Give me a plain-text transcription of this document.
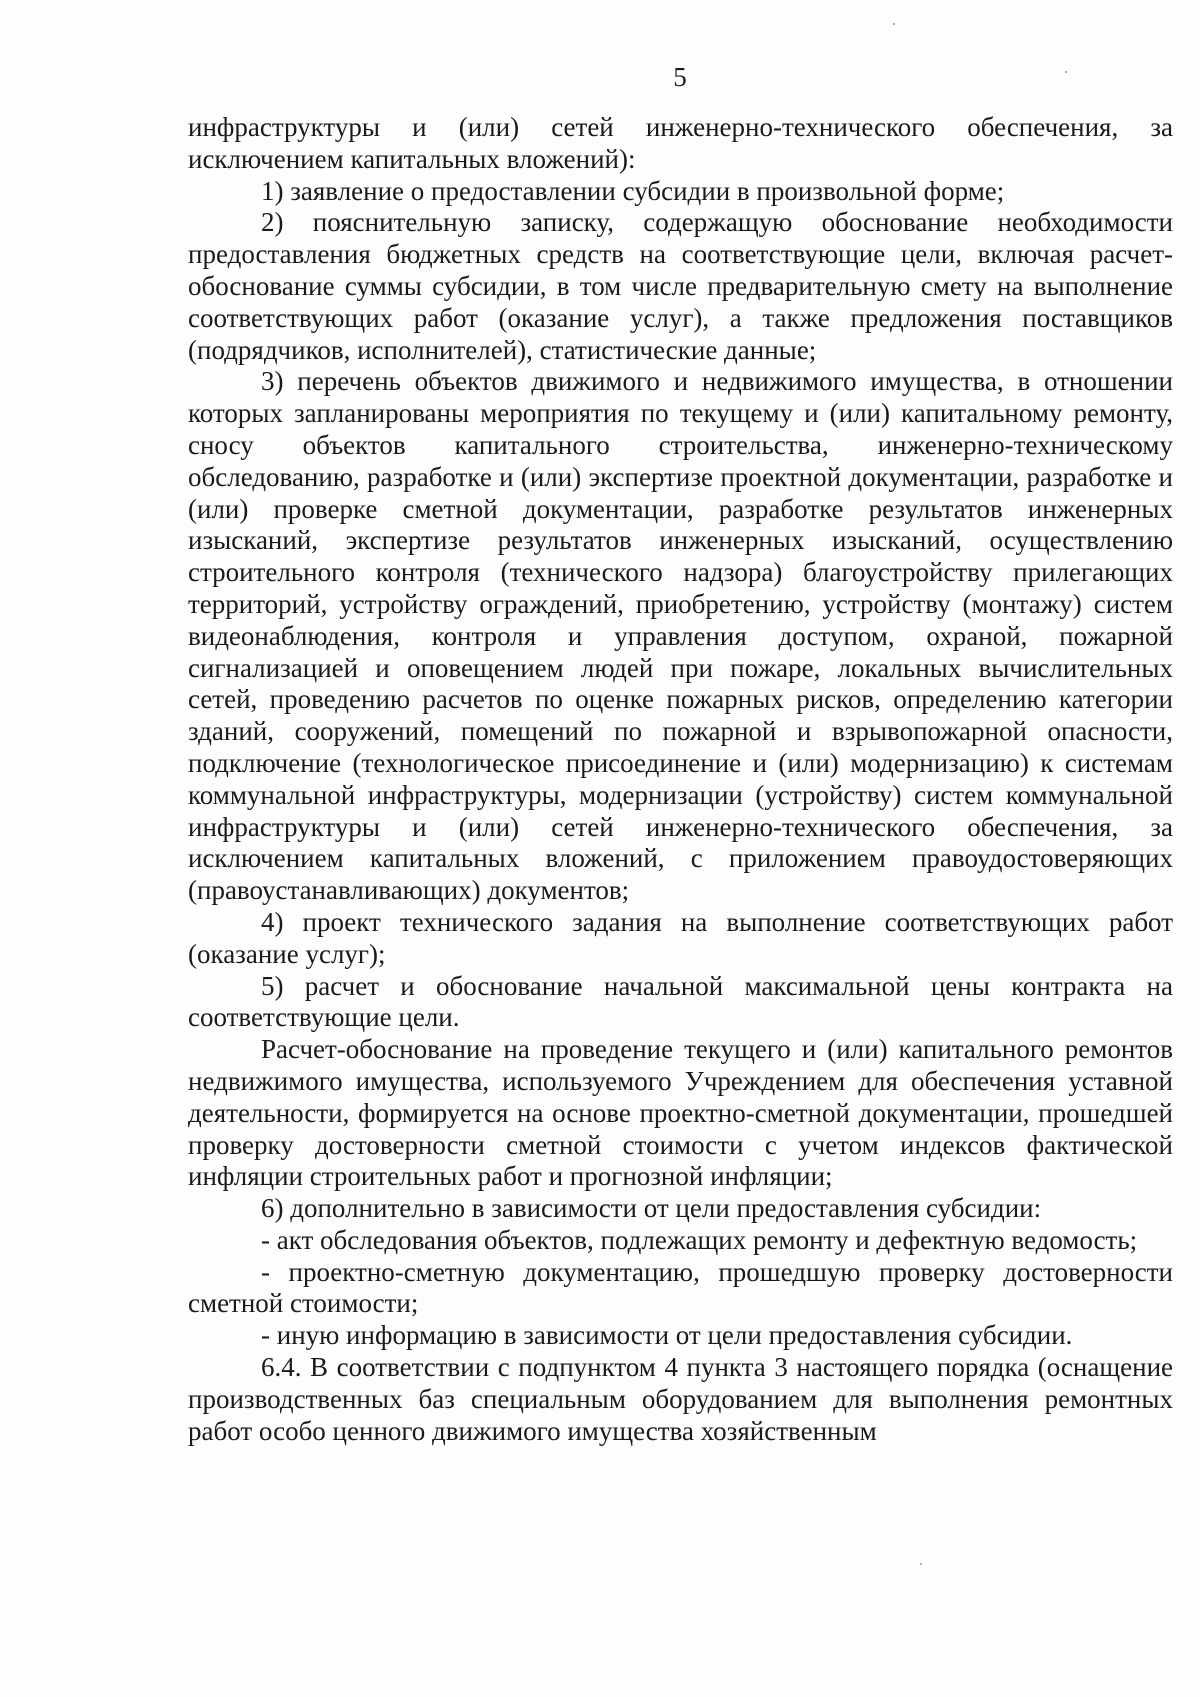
5

инфраструктуры и (или) сетей инженерно-технического обеспечения, за исключением капитальных вложений):

1) заявление о предоставлении субсидии в произвольной форме;

2) пояснительную записку, содержащую обоснование необходимости предоставления бюджетных средств на соответствующие цели, включая расчет-обоснование суммы субсидии, в том числе предварительную смету на выполнение соответствующих работ (оказание услуг), а также предложения поставщиков (подрядчиков, исполнителей), статистические данные;

3) перечень объектов движимого и недвижимого имущества, в отношении которых запланированы мероприятия по текущему и (или) капитальному ремонту, сносу объектов капитального строительства, инженерно-техническому обследованию, разработке и (или) экспертизе проектной документации, разработке и (или) проверке сметной документации, разработке результатов инженерных изысканий, экспертизе результатов инженерных изысканий, осуществлению строительного контроля (технического надзора) благоустройству прилегающих территорий, устройству ограждений, приобретению, устройству (монтажу) систем видеонаблюдения, контроля и управления доступом, охраной, пожарной сигнализацией и оповещением людей при пожаре, локальных вычислительных сетей, проведению расчетов по оценке пожарных рисков, определению категории зданий, сооружений, помещений по пожарной и взрывопожарной опасности, подключение (технологическое присоединение и (или) модернизацию) к системам коммунальной инфраструктуры, модернизации (устройству) систем коммунальной инфраструктуры и (или) сетей инженерно-технического обеспечения, за исключением капитальных вложений, с приложением правоудостоверяющих (правоустанавливающих) документов;

4) проект технического задания на выполнение соответствующих работ (оказание услуг);

5) расчет и обоснование начальной максимальной цены контракта на соответствующие цели.

Расчет-обоснование на проведение текущего и (или) капитального ремонтов недвижимого имущества, используемого Учреждением для обеспечения уставной деятельности, формируется на основе проектно-сметной документации, прошедшей проверку достоверности сметной стоимости с учетом индексов фактической инфляции строительных работ и прогнозной инфляции;

6) дополнительно в зависимости от цели предоставления субсидии:

- акт обследования объектов, подлежащих ремонту и дефектную ведомость;

- проектно-сметную документацию, прошедшую проверку достоверности сметной стоимости;

- иную информацию в зависимости от цели предоставления субсидии.

6.4. В соответствии с подпунктом 4 пункта 3 настоящего порядка (оснащение производственных баз специальным оборудованием для выполнения ремонтных работ особо ценного движимого имущества хозяйственным
